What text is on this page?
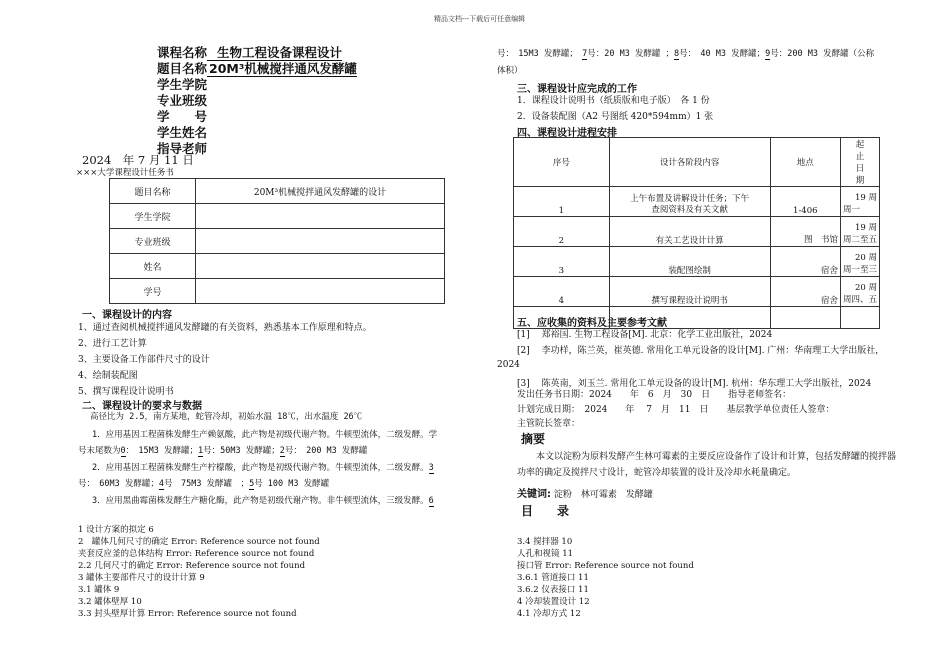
精品文档---下载后可任意编辑
课程名称 生物工程设备课程设计
题目名称 20M³机械搅拌通风发酵罐
学生学院
专业班级
学　　号
学生姓名
指导老师
2024　年 7 月 11 日
×××大学课程设计任务书
题目名称	20M³机械搅拌通风发酵罐的设计
学生学院	
专业班级	
姓名	
学号	
一、课程设计的内容
1、通过查阅机械搅拌通风发酵罐的有关资料，熟悉基本工作原理和特点。
2、进行工艺计算
3、主要设备工作部件尺寸的设计
4、绘制装配图
5、撰写课程设计说明书
二、课程设计的要求与数据
高径比为 2.5，南方某地，蛇管冷却，初始水温 18℃，出水温度 26℃
1．应用基因工程菌株发酵生产赖氨酸，此产物是初级代谢产物。牛顿型流体，二级发酵。学
号末尾数为0：　15M3 发酵罐；1号：50M3 发酵罐；2号：　200 M3 发酵罐
2．应用基因工程菌株发酵生产柠檬酸，此产物是初级代谢产物。牛顿型流体，二级发酵。3
号：　60M3 发酵罐；4号　75M3 发酵罐　；5号 100 M3 发酵罐
3．应用黑曲霉菌株发酵生产糖化酶，此产物是初级代谢产物。非牛顿型流体，三级发酵。6
1 设计方案的拟定 6
2　罐体几何尺寸的确定 Error: Reference source not found
夹套反应釜的总体结构 Error: Reference source not found
2.2 几何尺寸的确定 Error: Reference source not found
3 罐体主要部件尺寸的设计计算 9
3.1 罐体 9
3.2 罐体壁厚 10
3.3 封头壁厚计算 Error: Reference source not found
号：　15M3 发酵罐；　7号：20 M3 发酵罐 ；8号：　40 M3 发酵罐；9号：200 M3 发酵罐（公称
体积）
三、课程设计应完成的工作
1．课程设计说明书（纸质版和电子版）　各 1 份
2．设备装配图（A2 号图纸 420*594mm）1 张
四、课程设计进程安排
序号	设计各阶段内容	地点	起止日期
1	上午布置及讲解设计任务；下午查阅资料及有关文献	1-406	19 周
周一

2	有关工艺设计计算	图　书馆	19 周
周二至五

3	装配图绘制	宿舍	20 周
周一至三

4	撰写课程设计说明书	宿舍	20 周
周四、五

五、应收集的资料及主要参考文献
[1]　 郑裕国. 生物工程设备[M]. 北京：化学工业出版社，2024
[2]　 李功样，陈兰英，崔英德. 常用化工单元设备的设计[M]. 广州：华南理工大学出版社，
2024
[3]　 陈英南，刘玉兰. 常用化工单元设备的设计[M]. 杭州：华东理工大学出版社，2024
发出任务书日期：2024　　年　6　月　30　日　　指导老师签名：
计划完成日期：　2024　　年　 7　月　11　日　　基层教学单位责任人签章：
主管院长签章：
摘要
本文以淀粉为原料发酵产生林可霉素的主要反应设备作了设计和计算，包括发酵罐的搅拌器
功率的确定及搅拌尺寸设计，蛇管冷却装置的设计及冷却水耗量确定。
关键词: 淀粉　林可霉素　发酵罐
目　　录
3.4 搅拌器 10
人孔和视镜 11
接口管 Error: Reference source not found
3.6.1 管道接口 11
3.6.2 仪表接口 11
4 冷却装置设计 12
4.1 冷却方式 12
